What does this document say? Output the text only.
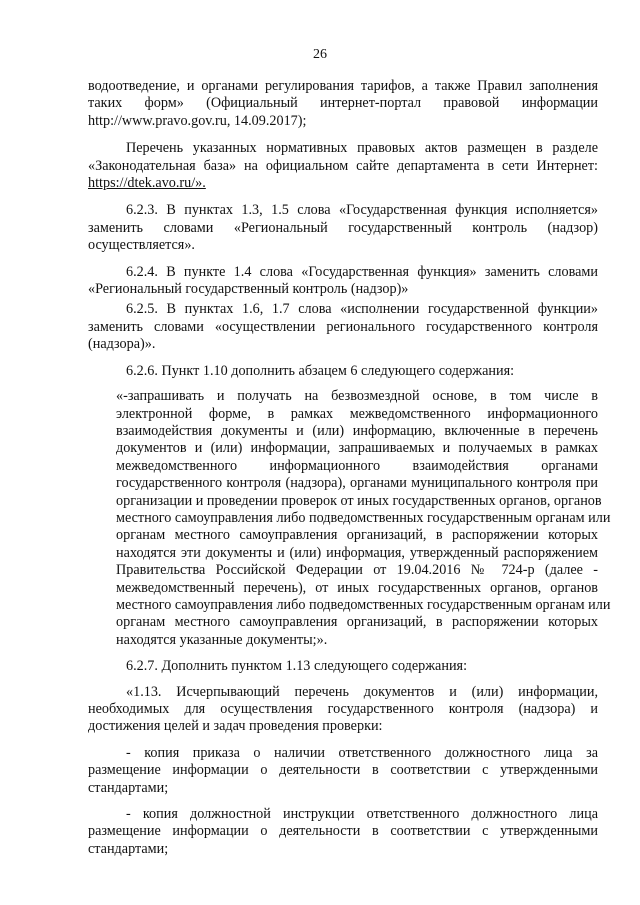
26
водоотведение, и органами регулирования тарифов, а также Правил заполнения
таких форм» (Официальный интернет-портал правовой информации
http://www.pravo.gov.ru, 14.09.2017);
Перечень указанных нормативных правовых актов размещен в разделе
«Законодательная база» на официальном сайте департамента в сети Интернет:
https://dtek.avo.ru/».
6.2.3. В пунктах 1.3, 1.5 слова «Государственная функция исполняется»
заменить словами «Региональный государственный контроль (надзор)
осуществляется».
6.2.4. В пункте 1.4 слова «Государственная функция» заменить словами
«Региональный государственный контроль (надзор)»
6.2.5. В пунктах 1.6, 1.7 слова «исполнении государственной функции»
заменить словами «осуществлении регионального государственного контроля
(надзора)».
6.2.6. Пункт 1.10 дополнить абзацем 6 следующего содержания:
«-запрашивать и получать на безвозмездной основе, в том числе в
электронной форме, в рамках межведомственного информационного
взаимодействия документы и (или) информацию, включенные в перечень
документов и (или) информации, запрашиваемых и получаемых в рамках
межведомственного информационного взаимодействия органами
государственного контроля (надзора), органами муниципального контроля при
организации и проведении проверок от иных государственных органов, органов
местного самоуправления либо подведомственных государственным органам или
органам местного самоуправления организаций, в распоряжении которых
находятся эти документы и (или) информация, утвержденный распоряжением
Правительства Российской Федерации от 19.04.2016 № 724-р (далее -
межведомственный перечень), от иных государственных органов, органов
местного самоуправления либо подведомственных государственным органам или
органам местного самоуправления организаций, в распоряжении которых
находятся указанные документы;».
6.2.7. Дополнить пунктом 1.13 следующего содержания:
«1.13. Исчерпывающий перечень документов и (или) информации,
необходимых для осуществления государственного контроля (надзора) и
достижения целей и задач проведения проверки:
- копия приказа о наличии ответственного должностного лица за
размещение информации о деятельности в соответствии с утвержденными
стандартами;
- копия должностной инструкции ответственного должностного лица
размещение информации о деятельности в соответствии с утвержденными
стандартами;
